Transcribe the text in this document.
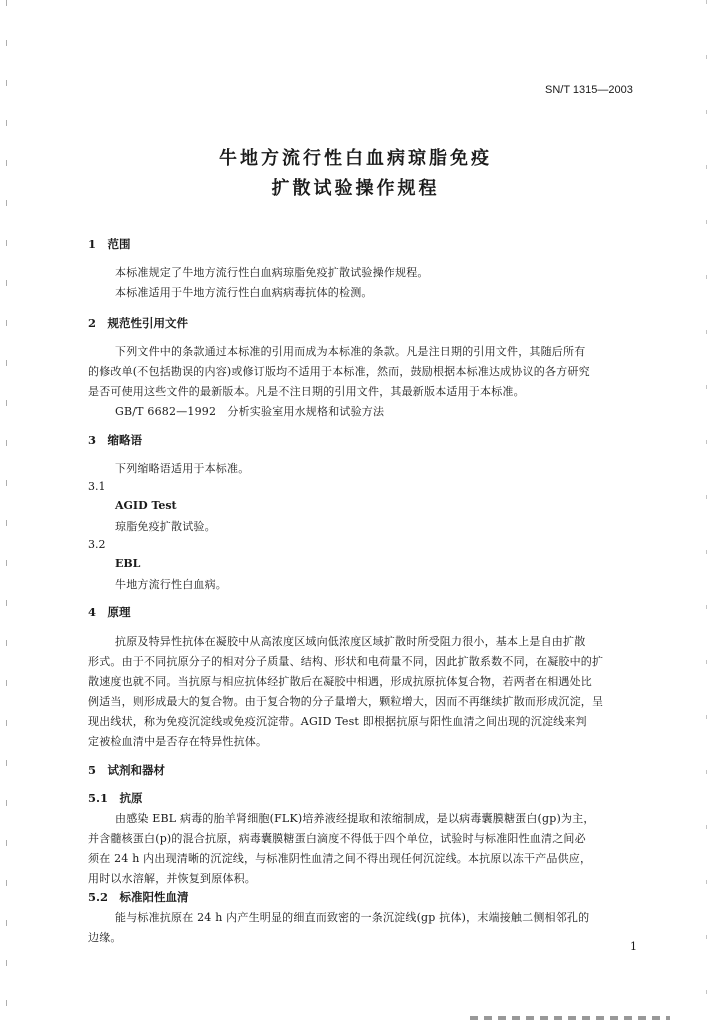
SN/T 1315—2003
牛地方流行性白血病琼脂免疫
扩散试验操作规程
1　范围
本标准规定了牛地方流行性白血病琼脂免疫扩散试验操作规程。
本标准适用于牛地方流行性白血病病毒抗体的检测。
2　规范性引用文件
下列文件中的条款通过本标准的引用而成为本标准的条款。凡是注日期的引用文件，其随后所有
的修改单(不包括勘误的内容)或修订版均不适用于本标准，然而，鼓励根据本标准达成协议的各方研究
是否可使用这些文件的最新版本。凡是不注日期的引用文件，其最新版本适用于本标准。
GB/T 6682—1992　分析实验室用水规格和试验方法
3　缩略语
下列缩略语适用于本标准。
3.1
AGID Test
琼脂免疫扩散试验。
3.2
EBL
牛地方流行性白血病。
4　原理
抗原及特异性抗体在凝胶中从高浓度区域向低浓度区域扩散时所受阻力很小，基本上是自由扩散
形式。由于不同抗原分子的相对分子质量、结构、形状和电荷量不同，因此扩散系数不同，在凝胶中的扩
散速度也就不同。当抗原与相应抗体经扩散后在凝胶中相遇，形成抗原抗体复合物，若两者在相遇处比
例适当，则形成最大的复合物。由于复合物的分子量增大，颗粒增大，因而不再继续扩散而形成沉淀，呈
现出线状，称为免疫沉淀线或免疫沉淀带。AGID Test 即根据抗原与阳性血清之间出现的沉淀线来判
定被检血清中是否存在特异性抗体。
5　试剂和器材
5.1　抗原
由感染 EBL 病毒的胎羊肾细胞(FLK)培养液经提取和浓缩制成，是以病毒囊膜糖蛋白(gp)为主，
并含髓核蛋白(p)的混合抗原，病毒囊膜糖蛋白滴度不得低于四个单位，试验时与标准阳性血清之间必
须在 24 h 内出现清晰的沉淀线，与标准阴性血清之间不得出现任何沉淀线。本抗原以冻干产品供应，
用时以水溶解，并恢复到原体积。
5.2　标准阳性血清
能与标准抗原在 24 h 内产生明显的细直而致密的一条沉淀线(gp 抗体)，末端接触二侧相邻孔的
边缘。
1
